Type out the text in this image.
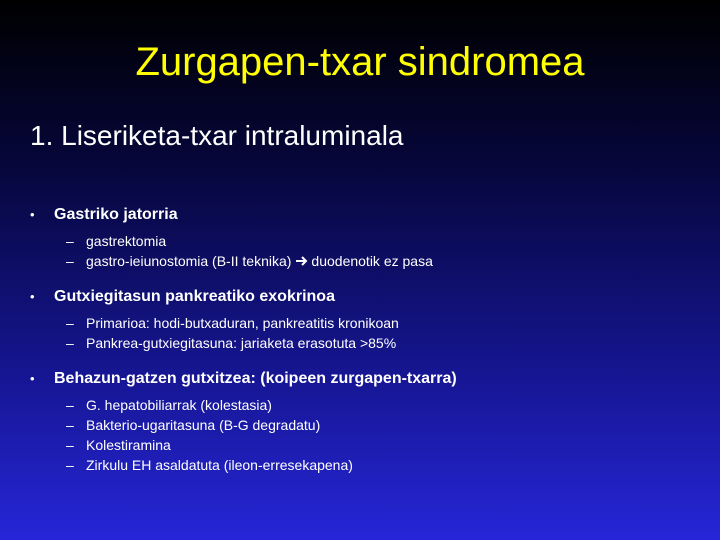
Zurgapen-txar sindromea
1. Liseriketa-txar intraluminala
• Gastriko jatorria
– gastrektomia
– gastro-ieiunostomia (B-II teknika) duodenotik ez pasa
• Gutxiegitasun pankreatiko exokrinoa
– Primarioa: hodi-butxaduran, pankreatitis kronikoan
– Pankrea-gutxiegitasuna: jariaketa erasotuta >85%
• Behazun-gatzen gutxitzea: (koipeen zurgapen-txarra)
– G. hepatobiliarrak (kolestasia)
– Bakterio-ugaritasuna (B-G degradatu)
– Kolestiramina
– Zirkulu EH asaldatuta (ileon-erresekapena)
